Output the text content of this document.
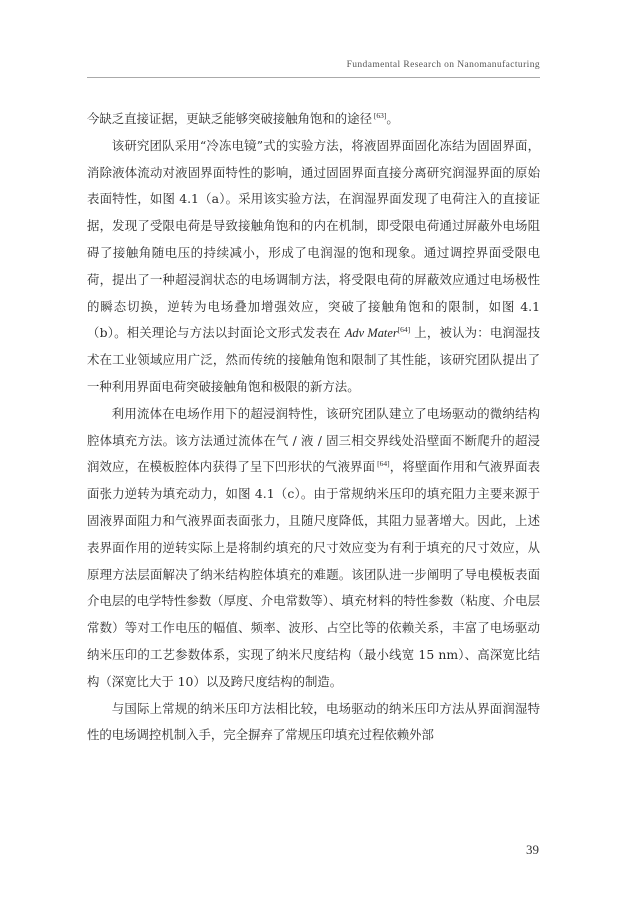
Fundamental Research on Nanomanufacturing

今缺乏直接证据，更缺乏能够突破接触角饱和的途径 [63]。

该研究团队采用“冷冻电镜”式的实验方法，将液固界面固化冻结为固固界面，消除液体流动对液固界面特性的影响，通过固固界面直接分离研究润湿界面的原始表面特性，如图 4.1（a）。采用该实验方法，在润湿界面发现了电荷注入的直接证据，发现了受限电荷是导致接触角饱和的内在机制，即受限电荷通过屏蔽外电场阻碍了接触角随电压的持续减小，形成了电润湿的饱和现象。通过调控界面受限电荷，提出了一种超浸润状态的电场调制方法，将受限电荷的屏蔽效应通过电场极性的瞬态切换，逆转为电场叠加增强效应，突破了接触角饱和的限制，如图 4.1（b）。相关理论与方法以封面论文形式发表在 Adv Mater[64] 上，被认为：电润湿技术在工业领域应用广泛，然而传统的接触角饱和限制了其性能，该研究团队提出了一种利用界面电荷突破接触角饱和极限的新方法。

利用流体在电场作用下的超浸润特性，该研究团队建立了电场驱动的微纳结构腔体填充方法。该方法通过流体在气 / 液 / 固三相交界线处沿壁面不断爬升的超浸润效应，在模板腔体内获得了呈下凹形状的气液界面 [64]，将壁面作用和气液界面表面张力逆转为填充动力，如图 4.1（c）。由于常规纳米压印的填充阻力主要来源于固液界面阻力和气液界面表面张力，且随尺度降低，其阻力显著增大。因此，上述表界面作用的逆转实际上是将制约填充的尺寸效应变为有利于填充的尺寸效应，从原理方法层面解决了纳米结构腔体填充的难题。该团队进一步阐明了导电模板表面介电层的电学特性参数（厚度、介电常数等）、填充材料的特性参数（粘度、介电层常数）等对工作电压的幅值、频率、波形、占空比等的依赖关系，丰富了电场驱动纳米压印的工艺参数体系，实现了纳米尺度结构（最小线宽 15 nm）、高深宽比结构（深宽比大于 10）以及跨尺度结构的制造。

与国际上常规的纳米压印方法相比较，电场驱动的纳米压印方法从界面润湿特性的电场调控机制入手，完全摒弃了常规压印填充过程依赖外部

39
